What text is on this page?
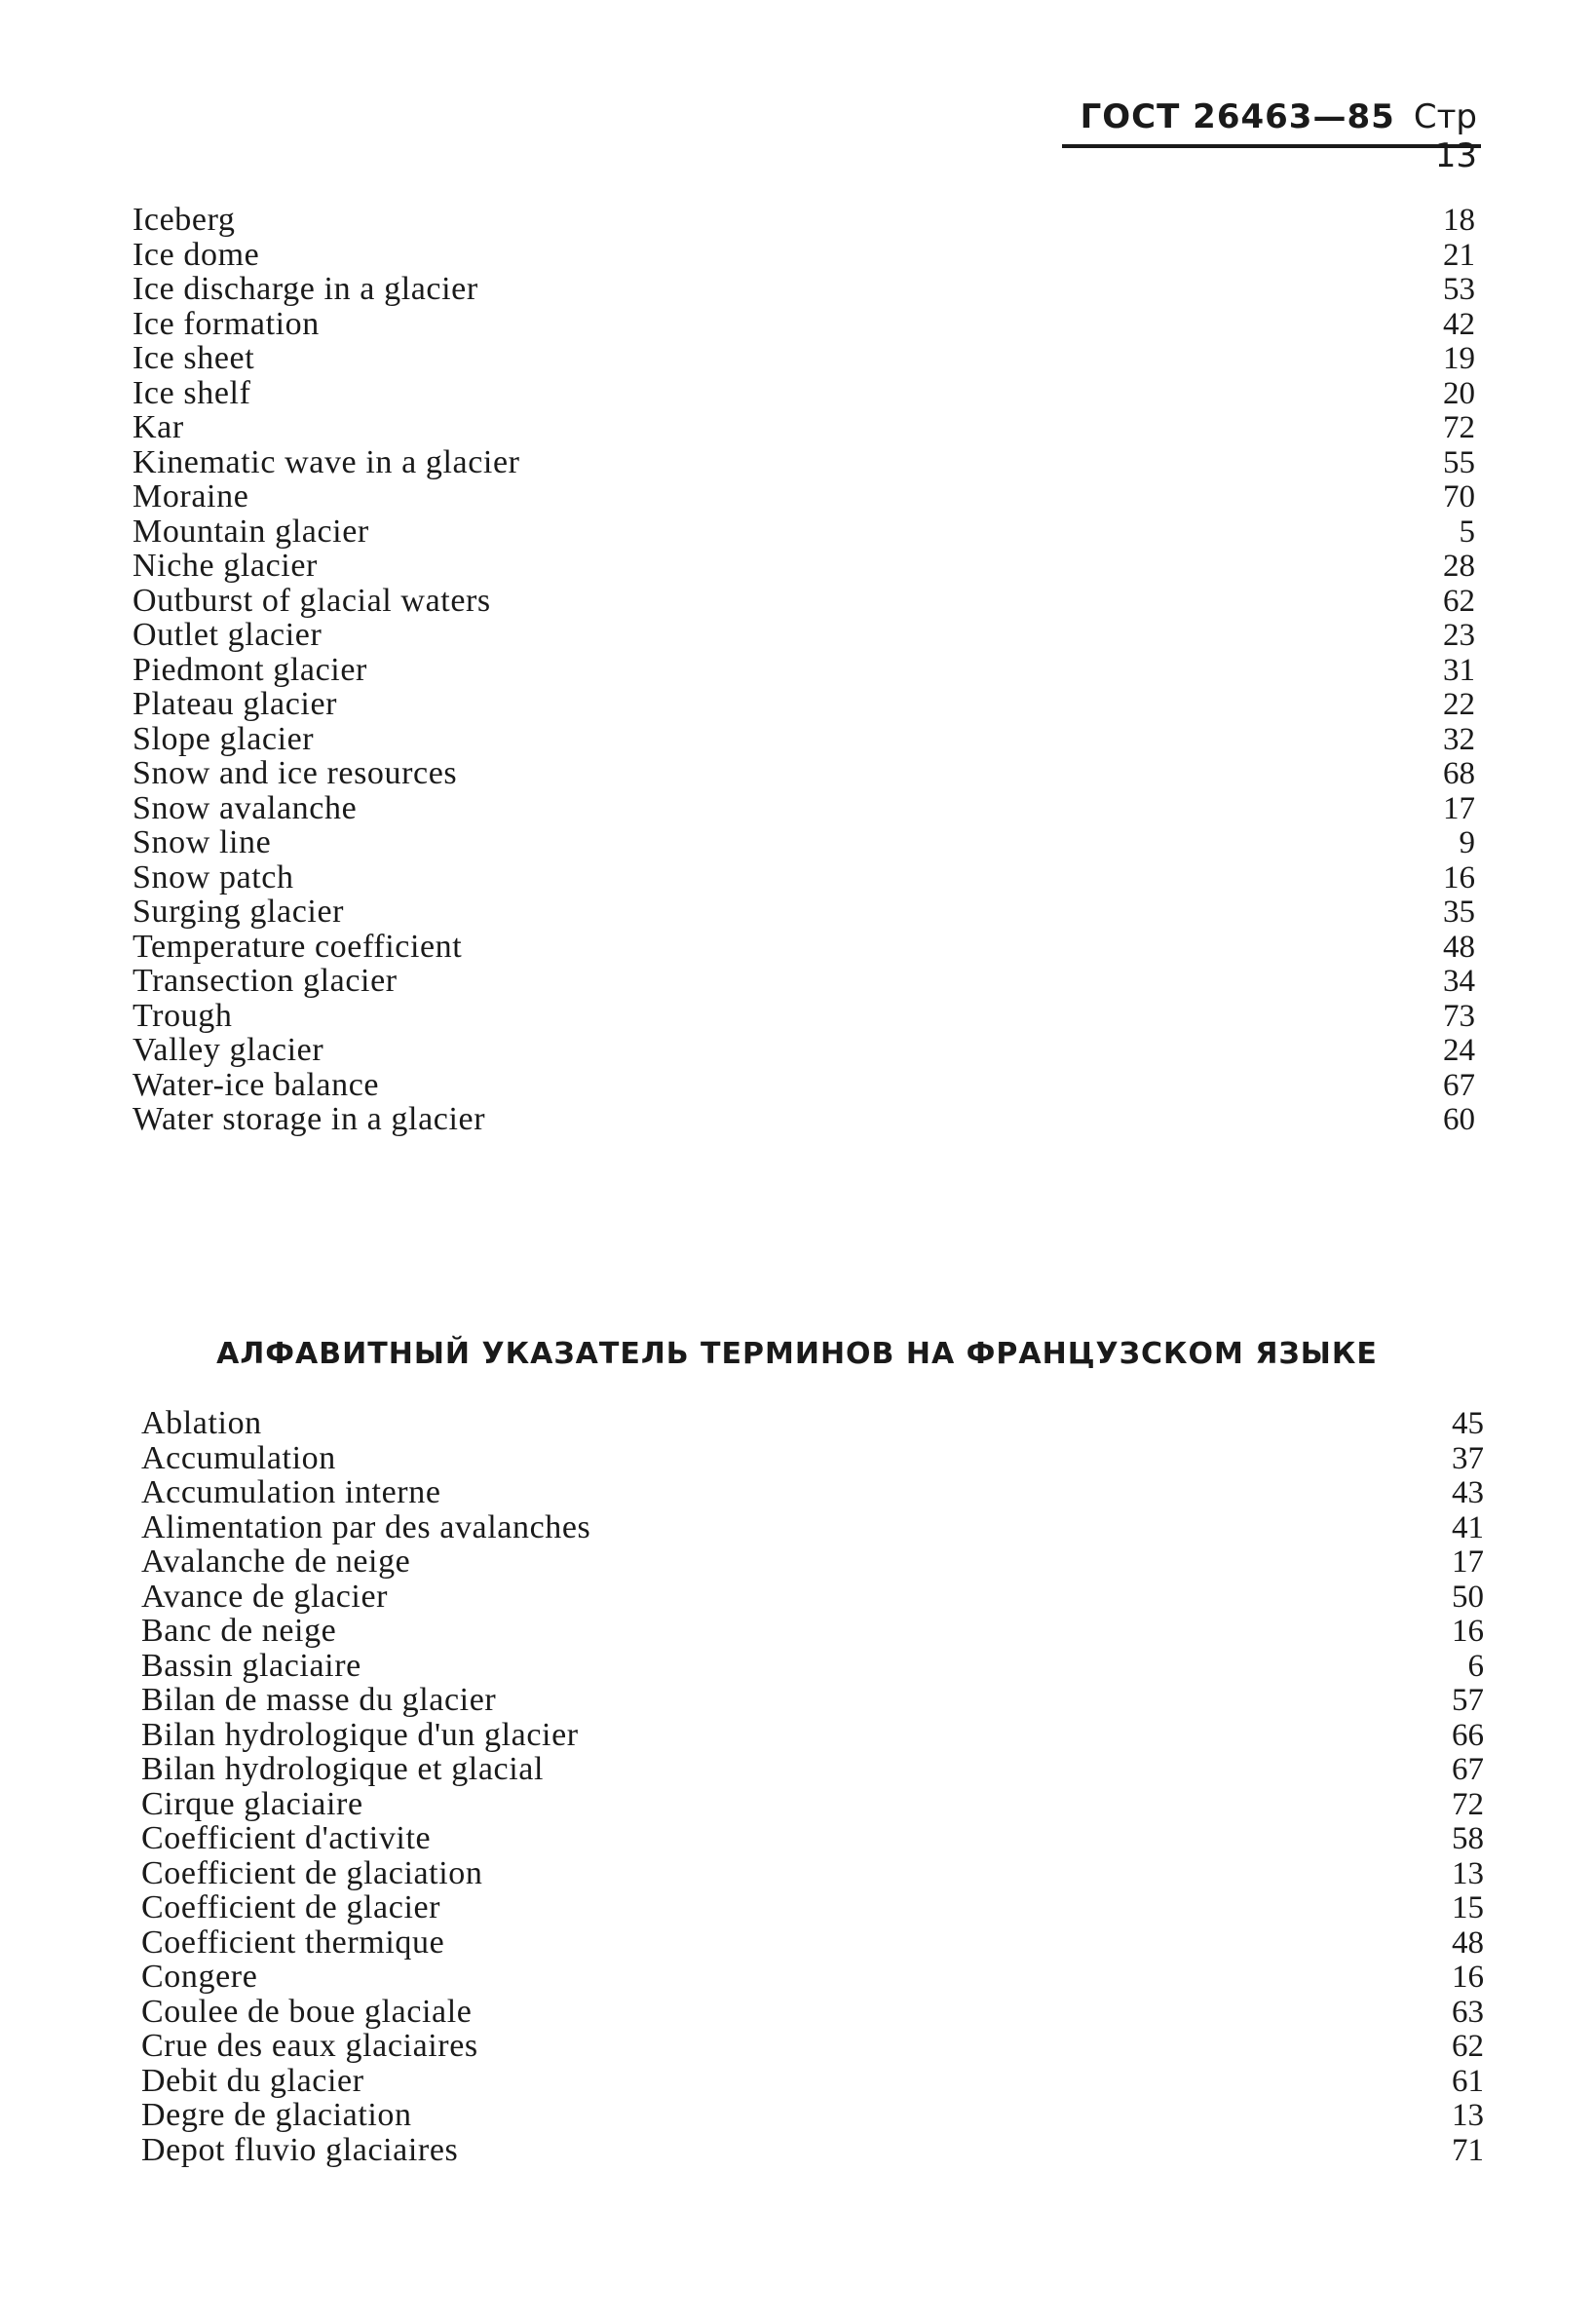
ГОСТ 26463—85 Стр 13
Iceberg	18
Ice dome	21
Ice dischargе in a glacier	53
Ice formation	42
Ice sheet	19
Ice shelf	20
Kar	72
Kinematic wave in a glacier	55
Moraine	70
Mountain glacier	5
Niche glacier	28
Outburst of glacial waters	62
Outlet glacier	23
Piedmont glacier	31
Plateau glacier	22
Slope glacier	32
Snow and ice resources	68
Snow avalanche	17
Snow line	9
Snow patch	16
Surging glacier	35
Temperature coefficient	48
Transection glacier	34
Trough	73
Valley glacier	24
Water-ice balance	67
Water storage in a glacier	60
АЛФАВИТНЫЙ УКАЗАТЕЛЬ ТЕРМИНОВ НА ФРАНЦУЗСКОМ ЯЗЫКЕ
Ablation	45
Accumulation	37
Accumulation interne	43
Alimentation par des avalanches	41
Avalanche de neige	17
Avance de glacier	50
Banc de neige	16
Bassin glaciaire	6
Bilan de masse du glacier	57
Bilan hydrologique d'un glacier	66
Bilan hydrologique et glacial	67
Cirque glaciaire	72
Coefficient d'activite	58
Coefficient de glaciation	13
Coefficient de glacier	15
Coefficient thermique	48
Congere	16
Coulee de boue glaciale	63
Crue des eaux glaciaires	62
Debit du glacier	61
Degre de glaciation	13
Depot fluvio glaciaires	71
